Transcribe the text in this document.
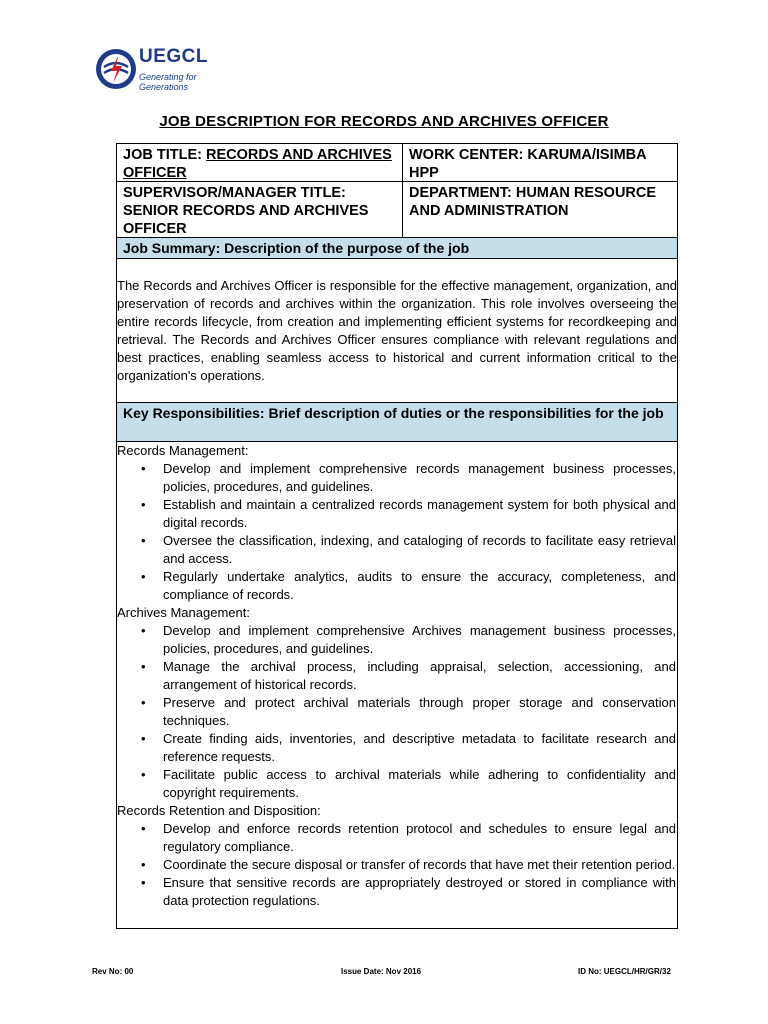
UEGCL
Generating for Generations
JOB DESCRIPTION FOR RECORDS AND ARCHIVES OFFICER
JOB TITLE: RECORDS AND ARCHIVES OFFICER
WORK CENTER: KARUMA/ISIMBA HPP
SUPERVISOR/MANAGER TITLE: SENIOR RECORDS AND ARCHIVES OFFICER
DEPARTMENT: HUMAN RESOURCE AND ADMINISTRATION
Job Summary: Description of the purpose of the job
The Records and Archives Officer is responsible for the effective management, organization, and preservation of records and archives within the organization. This role involves overseeing the entire records lifecycle, from creation and implementing efficient systems for recordkeeping and retrieval. The Records and Archives Officer ensures compliance with relevant regulations and best practices, enabling seamless access to historical and current information critical to the organization's operations.
Key Responsibilities: Brief description of duties or the responsibilities for the job
Records Management:
• Develop and implement comprehensive records management business processes, policies, procedures, and guidelines.
• Establish and maintain a centralized records management system for both physical and digital records.
• Oversee the classification, indexing, and cataloging of records to facilitate easy retrieval and access.
• Regularly undertake analytics, audits to ensure the accuracy, completeness, and compliance of records.
Archives Management:
• Develop and implement comprehensive Archives management business processes, policies, procedures, and guidelines.
• Manage the archival process, including appraisal, selection, accessioning, and arrangement of historical records.
• Preserve and protect archival materials through proper storage and conservation techniques.
• Create finding aids, inventories, and descriptive metadata to facilitate research and reference requests.
• Facilitate public access to archival materials while adhering to confidentiality and copyright requirements.
Records Retention and Disposition:
• Develop and enforce records retention protocol and schedules to ensure legal and regulatory compliance.
• Coordinate the secure disposal or transfer of records that have met their retention period.
• Ensure that sensitive records are appropriately destroyed or stored in compliance with data protection regulations.
Rev No: 00	Issue Date: Nov 2016	ID No: UEGCL/HR/GR/32
